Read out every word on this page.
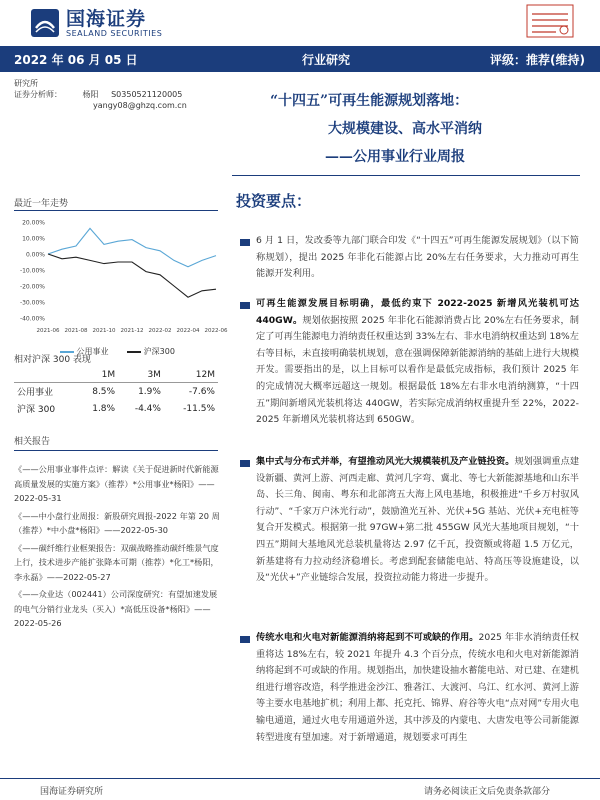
国海证券
SEALAND SECURITIES
2022 年 06 月 05 日	行业研究	评级：推荐(维持)
研究所
证券分析师：	杨阳 S0350521120005
yangy08@ghzq.com.cn	“十四五”可再生能源规划落地：
大规模建设、高水平消纳
——公用事业行业周报
最近一年走势
20.00%
10.00%
0.00%
-10.00%
-20.00%
-30.00%
-40.00%
2021-06 2021-08 2021-10 2021-12 2022-02 2022-04 2022-06
公用事业	沪深300
相对沪深 300 表现
	1M	3M	12M
公用事业	8.5%	1.9%	-7.6%
沪深 300	1.8%	-4.4%	-11.5%
相关报告

《——公用事业事件点评：解读《关于促进新时代新能源高质量发展的实施方案》（推荐）*公用事业*杨阳》——2022-05-31

《——中小盘行业周报：新股研究周报-2022 年第 20 周（推荐）*中小盘*杨阳》——2022-05-30

《——碳纤维行业框架报告：双碳战略推动碳纤维景气度上行，技术进步产能扩张降本可期（推荐）*化工*杨阳，李永磊》——2022-05-27

《——众业达（002441）公司深度研究：有望加速发展的电气分销行业龙头（买入）*高低压设备*杨阳》——2022-05-26

投资要点：
6 月 1 日，发改委等九部门联合印发《“十四五”可再生能源发展规划》（以下简称规划），提出 2025 年非化石能源占比 20%左右任务要求，大力推动可再生能源开发利用。
可再生能源发展目标明确，最低约束下 2022-2025 新增风光装机可达 440GW。规划依据按照 2025 年非化石能源消费占比 20%左右任务要求，制定了可再生能源电力消纳责任权重达到 33%左右、非水电消纳权重达到 18%左右等目标，未直接明确装机规划，意在强调保障新能源消纳的基础上进行大规模开发。需要指出的是，以上目标可以看作是最低完成指标，我们预计 2025 年的完成情况大概率远超这一规划。根据最低 18%左右非水电消纳测算，“十四五”期间新增风光装机将达 440GW，若实际完成消纳权重提升至 22%，2022-2025 年新增风光装机将达到 650GW。
集中式与分布式并举，有望推动风光大规模装机及产业链投资。规划强调重点建设新疆、黄河上游、河西走廊、黄河几字弯、冀北、等七大新能源基地和山东半岛、长三角、闽南、粤东和北部湾五大海上风电基地，积极推进“千乡万村驭风行动”、“千家万户沐光行动”，鼓励渔光互补、光伏+5G 基站、光伏+充电桩等复合开发模式。根据第一批 97GW+第二批 455GW 风光大基地项目规划，“十四五”期间大基地风光总装机量将达 2.97 亿千瓦，投资额或将超 1.5 万亿元，新基建将有力拉动经济稳增长。考虑到配套储能电站、特高压等设施建设，以及“光伏+”产业链综合发展，投资拉动能力将进一步提升。
传统水电和火电对新能源消纳将起到不可或缺的作用。2025 年非水消纳责任权重将达 18%左右，较 2021 年提升 4.3 个百分点，传统水电和火电对新能源消纳将起到不可或缺的作用。规划指出，加快建设抽水蓄能电站、对已建、在建机组进行增容改造，科学推进金沙江、雅砻江、大渡河、乌江、红水河、黄河上游等主要水电基地扩机；利用上都、托克托、锦界、府谷等火电“点对网”专用火电输电通道，通过火电专用通道外送，其中涉及的内蒙电、大唐发电等公司新能源转型进度有望加速。对于新增通道，规划要求可再生
国海证券研究所	请务必阅读正文后免责条款部分
